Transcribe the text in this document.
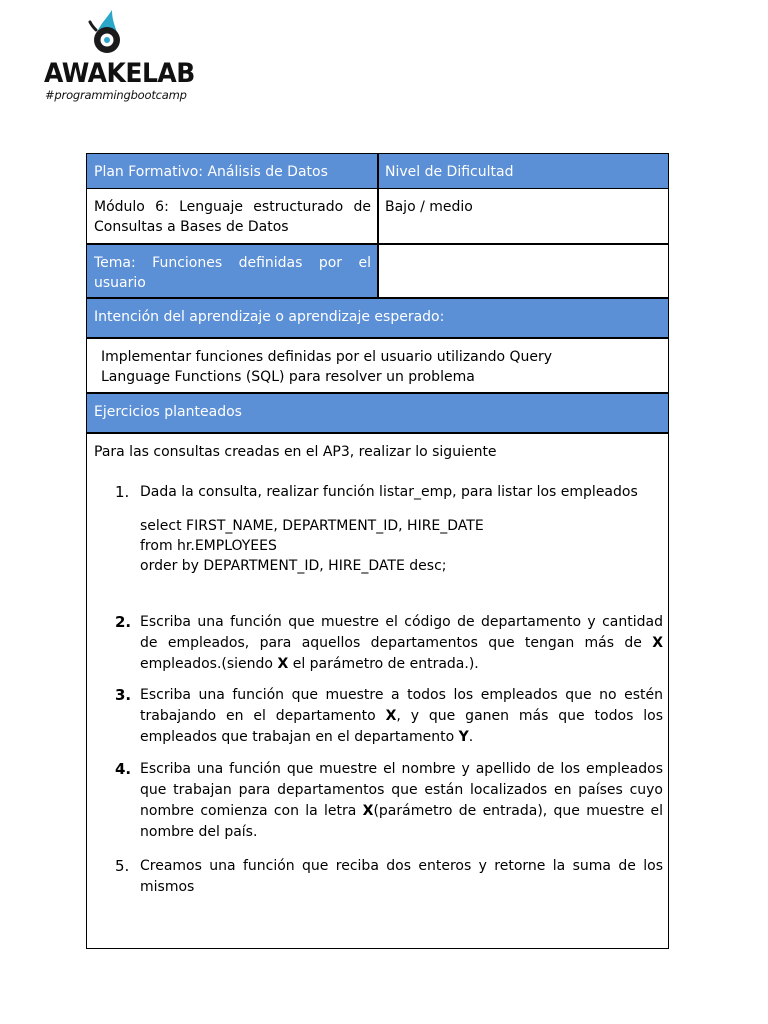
AWAKELAB
#programmingbootcamp
Plan Formativo: Análisis de Datos	Nivel de Dificultad
Módulo 6: Lenguaje estructurado de Consultas a Bases de Datos
Bajo / medio
Tema: Funciones definidas por el usuario
Intención del aprendizaje o aprendizaje esperado:
Implementar funciones definidas por el usuario utilizando Query Language Functions (SQL) para resolver un problema
Ejercicios planteados
Para las consultas creadas en el AP3, realizar lo siguiente
1. Dada la consulta, realizar función listar_emp, para listar los empleados
select FIRST_NAME, DEPARTMENT_ID, HIRE_DATE
from hr.EMPLOYEES
order by DEPARTMENT_ID, HIRE_DATE desc;
2. Escriba una función que muestre el código de departamento y cantidad de empleados, para aquellos departamentos que tengan más de X empleados.(siendo X el parámetro de entrada.).
3. Escriba una función que muestre a todos los empleados que no estén trabajando en el departamento X, y que ganen más que todos los empleados que trabajan en el departamento Y.
4. Escriba una función que muestre el nombre y apellido de los empleados que trabajan para departamentos que están localizados en países cuyo nombre comienza con la letra X(parámetro de entrada), que muestre el nombre del país.
5. Creamos una función que reciba dos enteros y retorne la suma de los mismos
